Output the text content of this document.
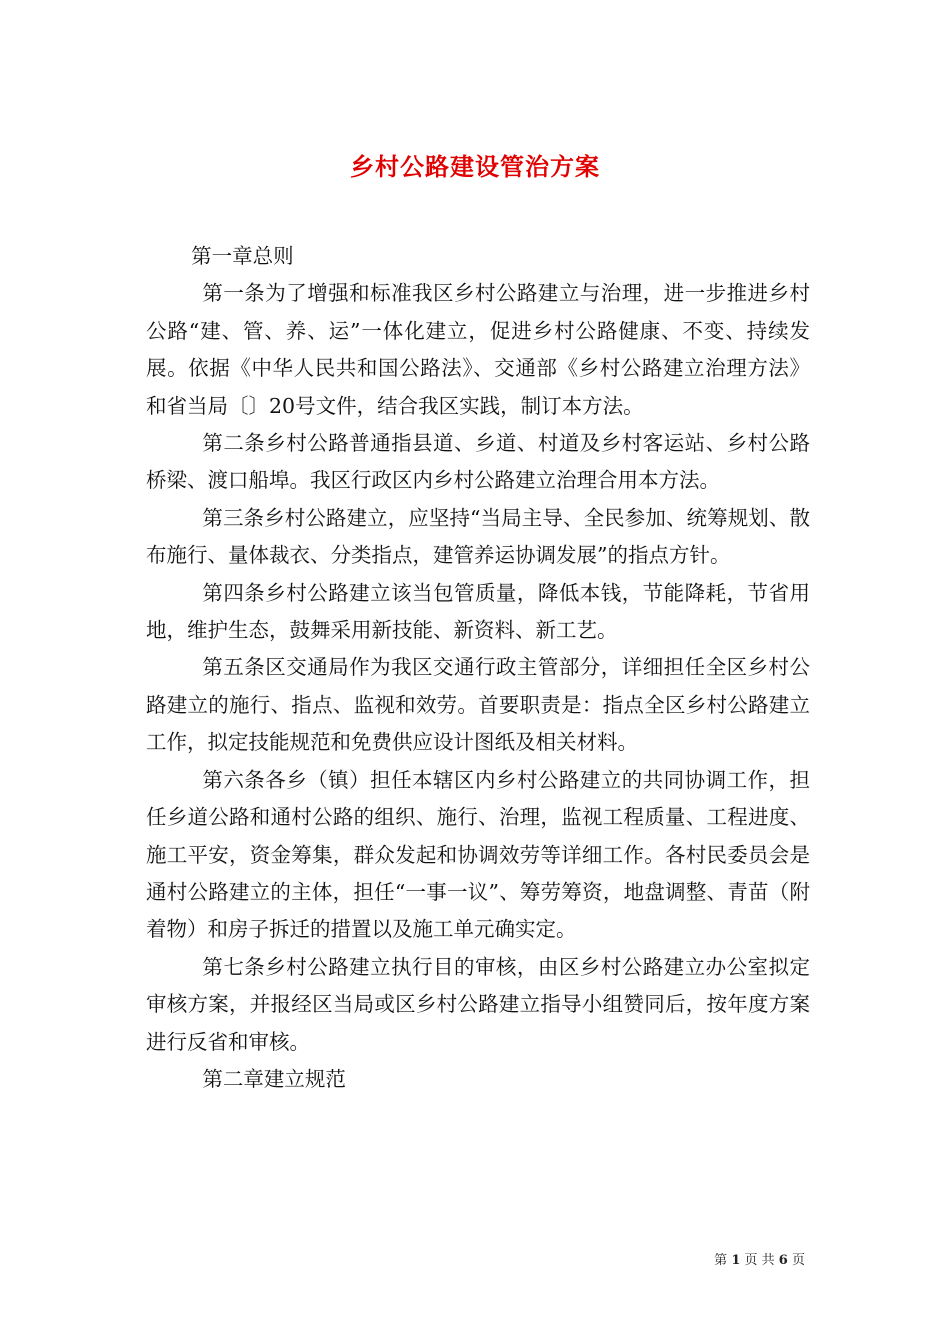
乡村公路建设管治方案

第一章总则

第一条为了增强和标准我区乡村公路建立与治理，进一步推进乡村公路“建、管、养、运”一体化建立，促进乡村公路健康、不变、持续发展。依据《中华人民共和国公路法》、交通部《乡村公路建立治理方法》和省当局〔〕20号文件，结合我区实践，制订本方法。

第二条乡村公路普通指县道、乡道、村道及乡村客运站、乡村公路桥梁、渡口船埠。我区行政区内乡村公路建立治理合用本方法。

第三条乡村公路建立，应坚持“当局主导、全民参加、统筹规划、散布施行、量体裁衣、分类指点，建管养运协调发展”的指点方针。

第四条乡村公路建立该当包管质量，降低本钱，节能降耗，节省用地，维护生态，鼓舞采用新技能、新资料、新工艺。

第五条区交通局作为我区交通行政主管部分，详细担任全区乡村公路建立的施行、指点、监视和效劳。首要职责是：指点全区乡村公路建立工作，拟定技能规范和免费供应设计图纸及相关材料。

第六条各乡（镇）担任本辖区内乡村公路建立的共同协调工作，担任乡道公路和通村公路的组织、施行、治理，监视工程质量、工程进度、施工平安，资金筹集，群众发起和协调效劳等详细工作。各村民委员会是通村公路建立的主体，担任“一事一议”、筹劳筹资，地盘调整、青苗（附着物）和房子拆迁的措置以及施工单元确实定。

第七条乡村公路建立执行目的审核，由区乡村公路建立办公室拟定审核方案，并报经区当局或区乡村公路建立指导小组赞同后，按年度方案进行反省和审核。

第二章建立规范

第 1 页 共 6 页
